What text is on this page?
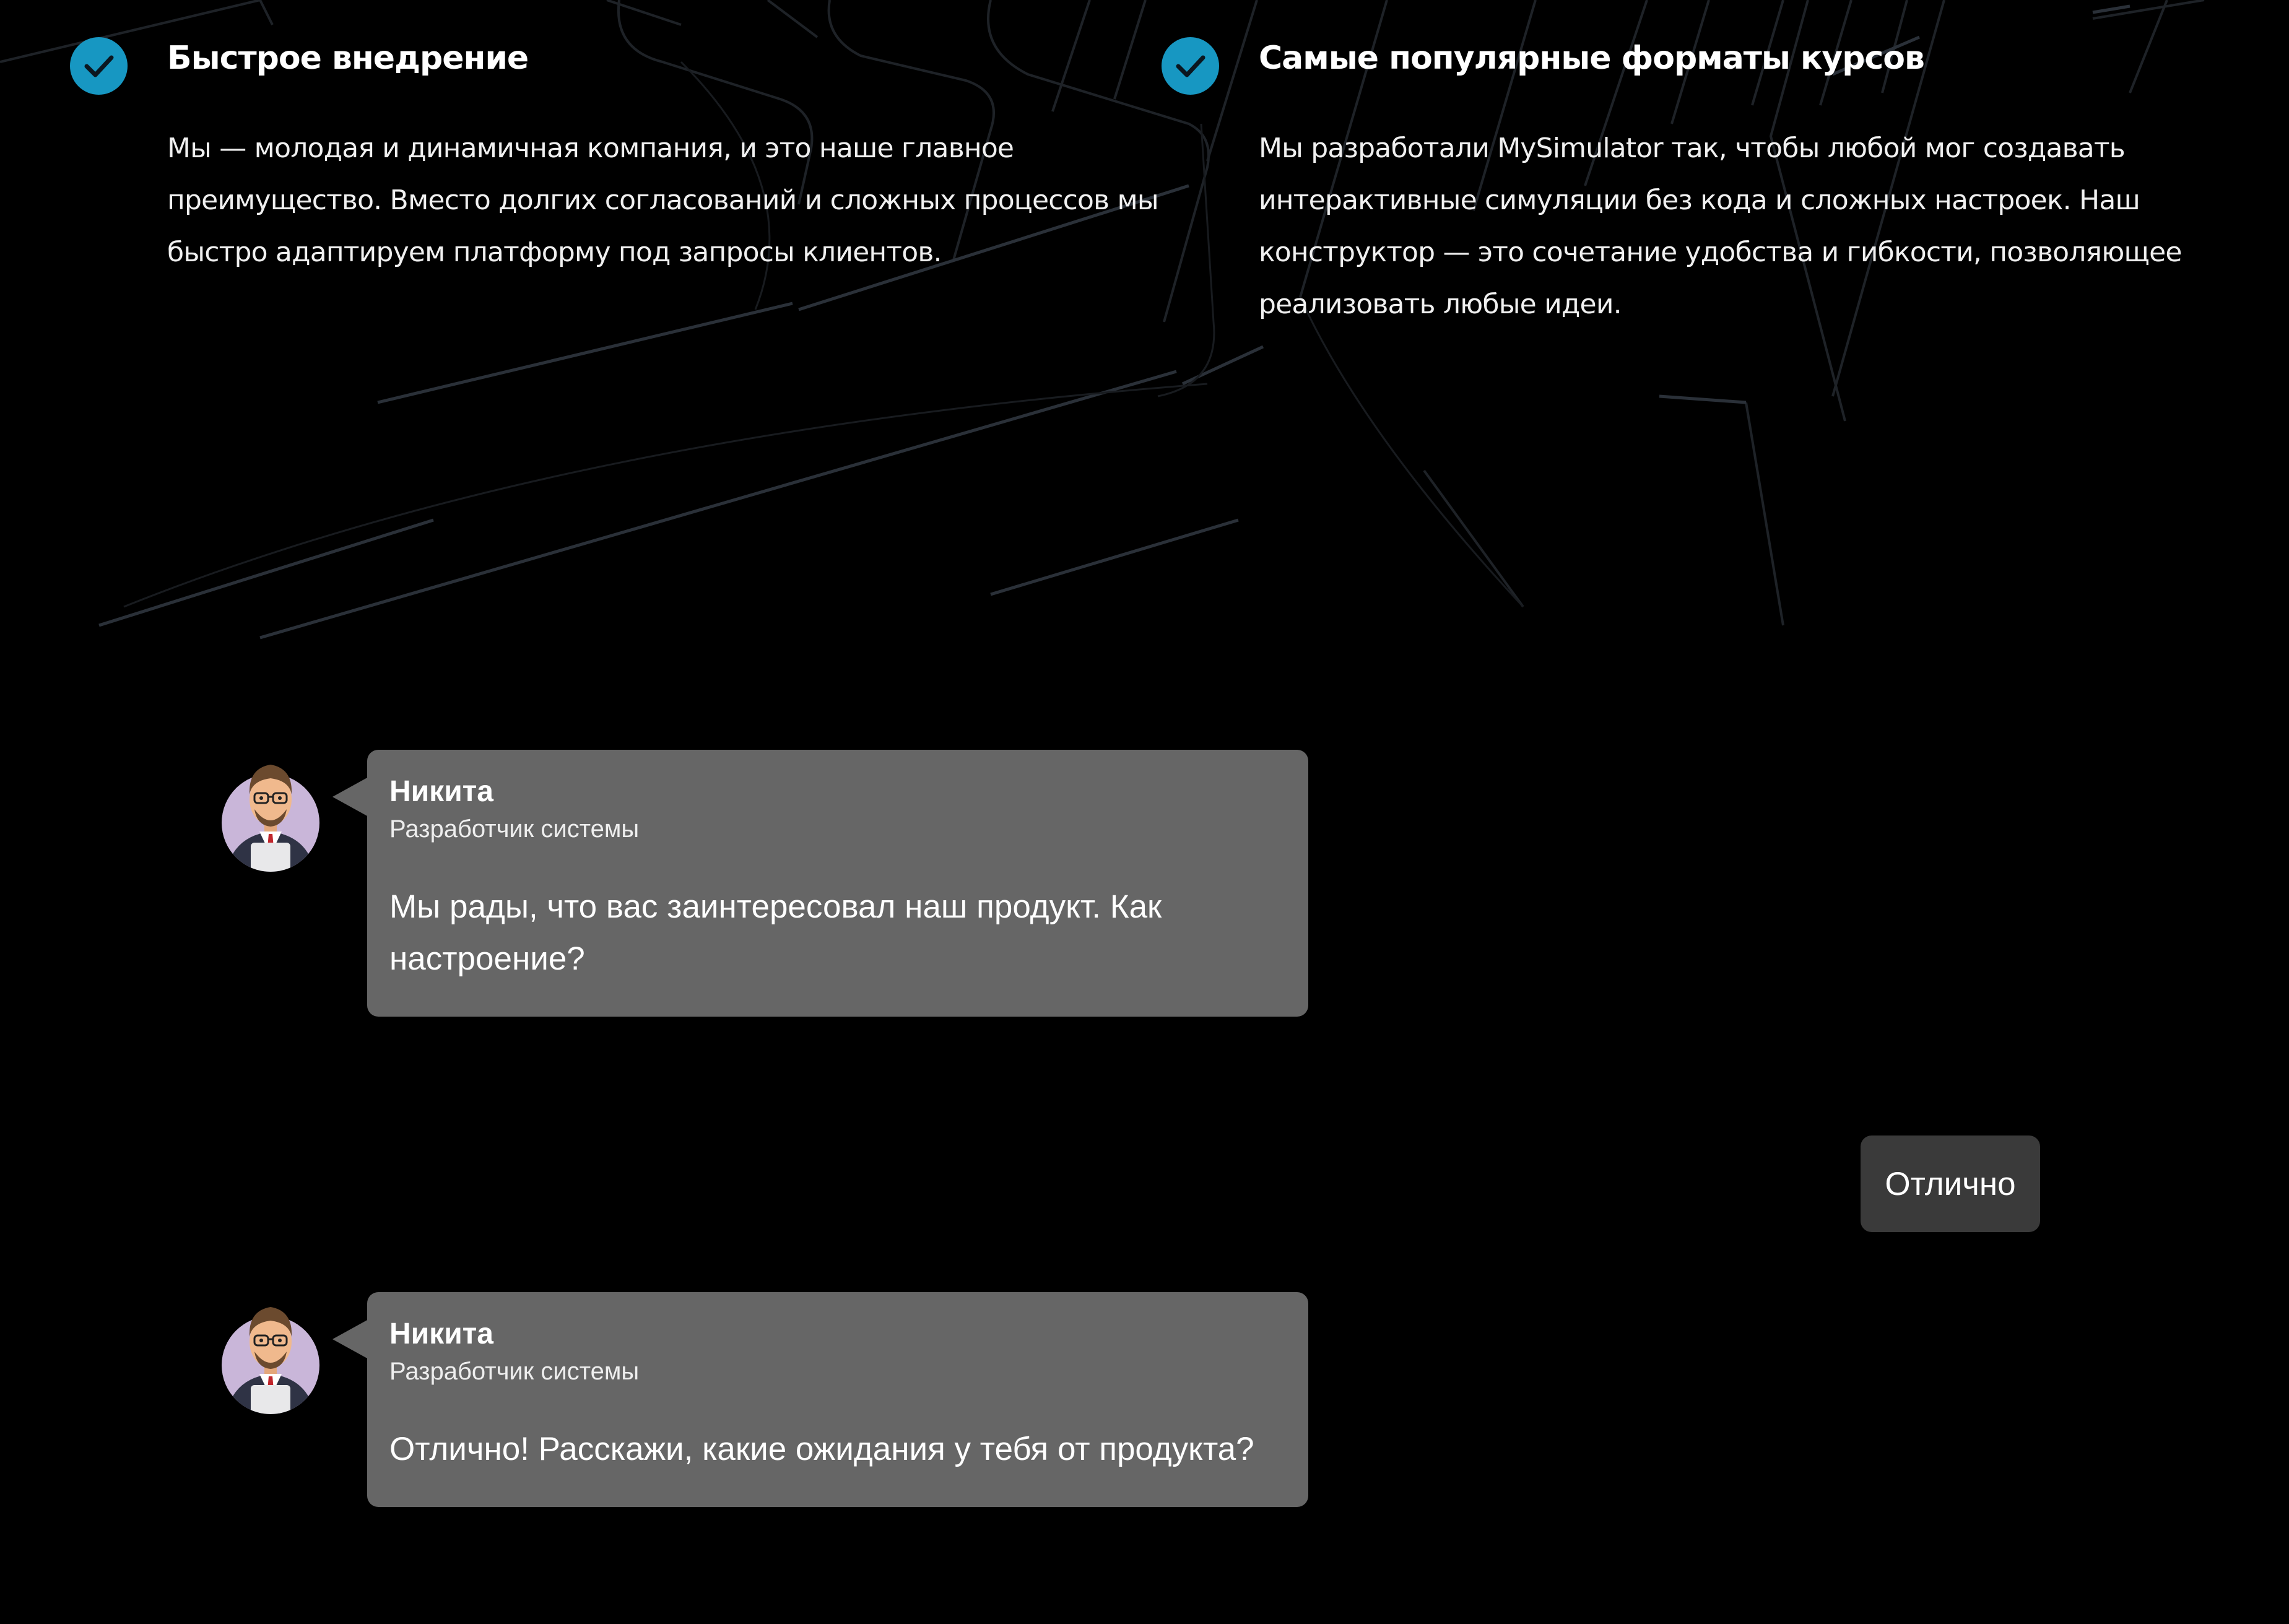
Быстрое внедрение

Мы — молодая и динамичная компания, и это наше главное преимущество. Вместо долгих согласований и сложных процессов мы быстро адаптируем платформу под запросы клиентов.

Самые популярные форматы курсов

Мы разработали MySimulator так, чтобы любой мог создавать интерактивные симуляции без кода и сложных настроек. Наш конструктор — это сочетание удобства и гибкости, позволяющее реализовать любые идеи.

Никита
Разработчик системы
Мы рады, что вас заинтересовал наш продукт. Как настроение?
Отлично
Никита
Разработчик системы
Отлично! Расскажи, какие ожидания у тебя от продукта?
